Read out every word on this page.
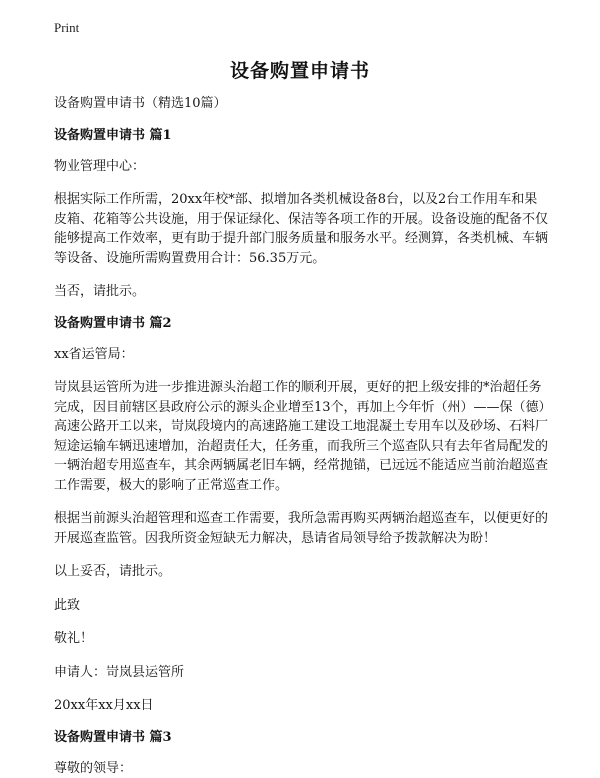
Print
设备购置申请书

设备购置申请书（精选10篇）

设备购置申请书 篇1

物业管理中心：

根据实际工作所需，20xx年校*部、拟增加各类机械设备8台，以及2台工作用车和果皮箱、花箱等公共设施，用于保证绿化、保洁等各项工作的开展。设备设施的配备不仅能够提高工作效率，更有助于提升部门服务质量和服务水平。经测算，各类机械、车辆等设备、设施所需购置费用合计：56.35万元。

当否，请批示。

设备购置申请书 篇2

xx省运管局：

岢岚县运管所为进一步推进源头治超工作的顺利开展，更好的把上级安排的*治超任务完成，因目前辖区县政府公示的源头企业增至13个，再加上今年忻（州）——保（德）高速公路开工以来，岢岚段境内的高速路施工建设工地混凝土专用车以及砂场、石料厂短途运输车辆迅速增加，治超责任大，任务重，而我所三个巡查队只有去年省局配发的一辆治超专用巡查车，其余两辆属老旧车辆，经常抛锚，已远远不能适应当前治超巡查工作需要，极大的影响了正常巡查工作。

根据当前源头治超管理和巡查工作需要，我所急需再购买两辆治超巡查车，以便更好的开展巡查监管。因我所资金短缺无力解决，恳请省局领导给予拨款解决为盼！

以上妥否，请批示。

此致

敬礼！

申请人：岢岚县运管所

20xx年xx月xx日

设备购置申请书 篇3

尊敬的领导：
